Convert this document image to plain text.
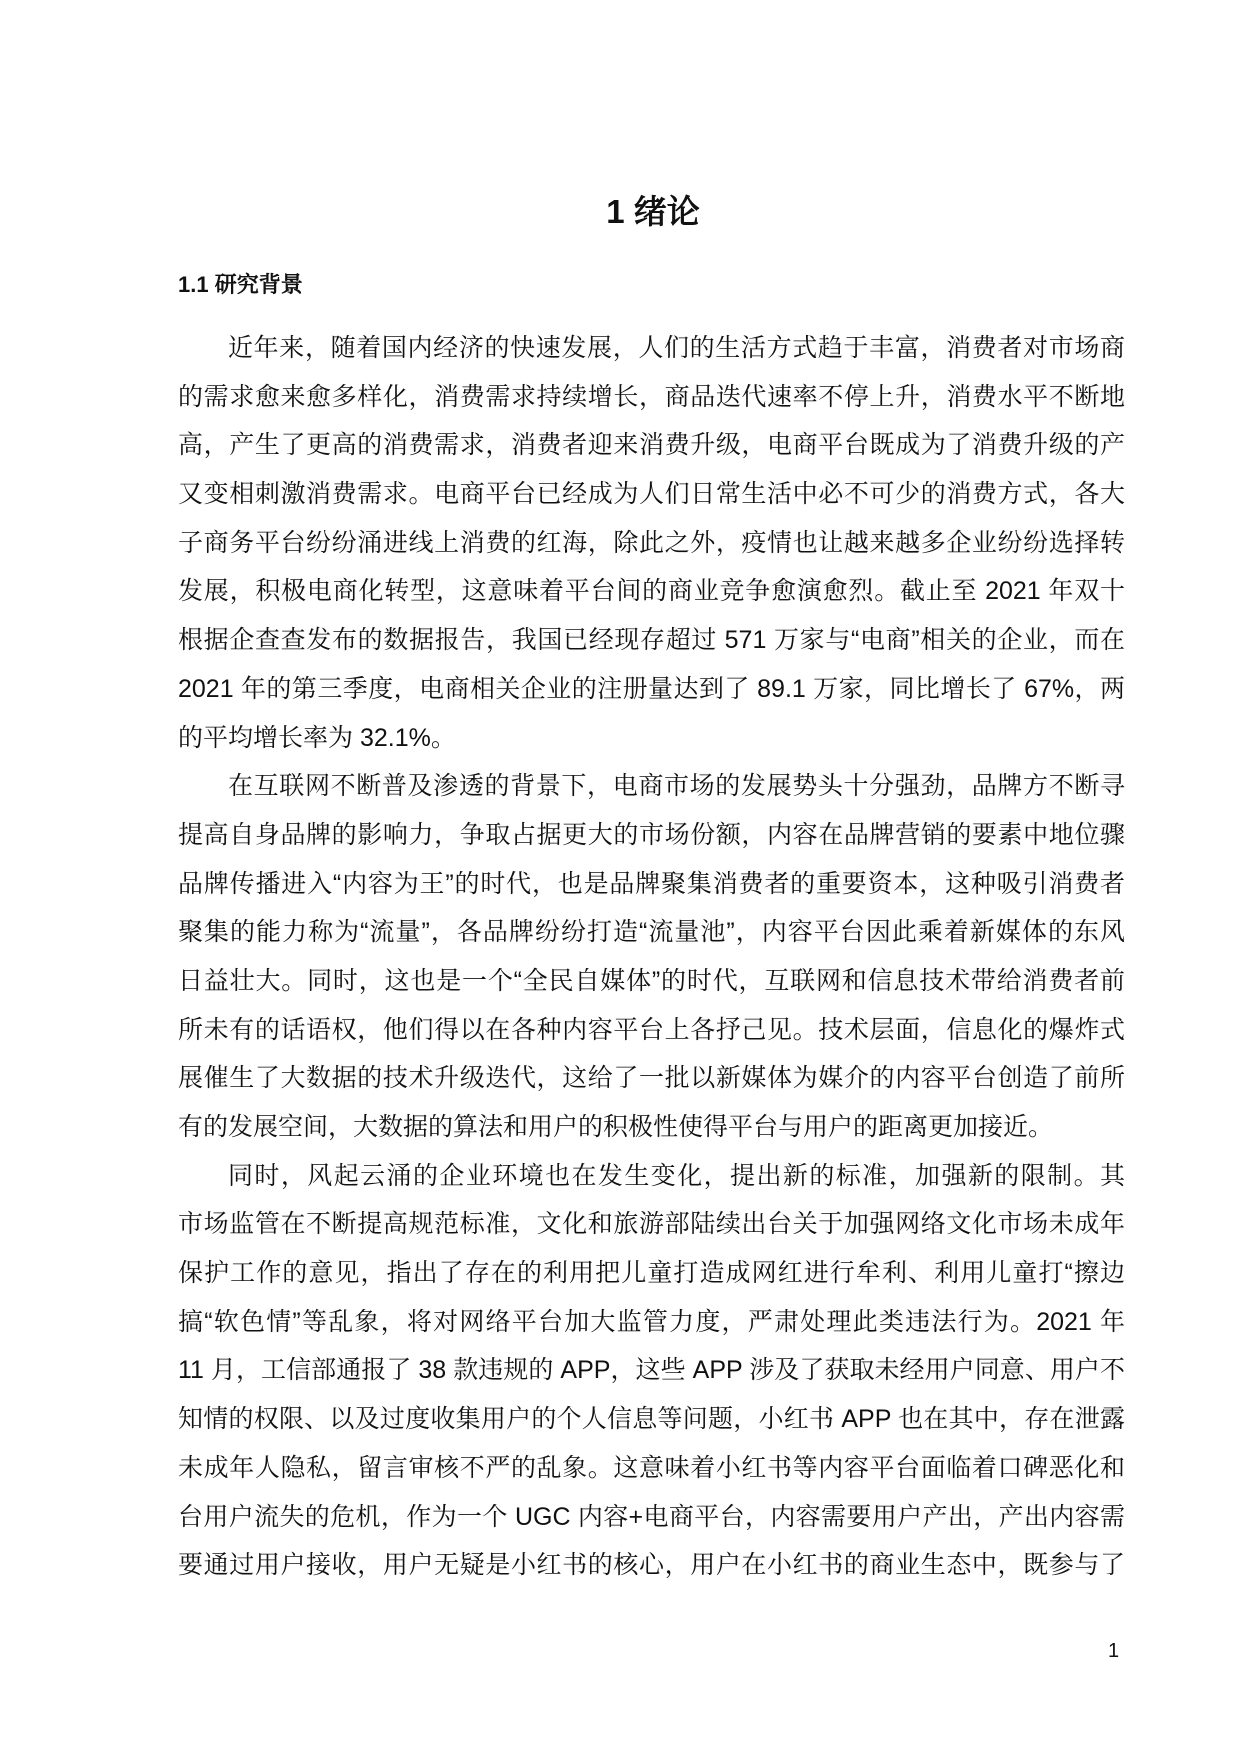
1 绪论
1.1 研究背景
近年来，随着国内经济的快速发展，人们的生活方式趋于丰富，消费者对市场商
的需求愈来愈多样化，消费需求持续增长，商品迭代速率不停上升，消费水平不断地
高，产生了更高的消费需求，消费者迎来消费升级，电商平台既成为了消费升级的产
又变相刺激消费需求。电商平台已经成为人们日常生活中必不可少的消费方式，各大
子商务平台纷纷涌进线上消费的红海，除此之外，疫情也让越来越多企业纷纷选择转
发展，积极电商化转型，这意味着平台间的商业竞争愈演愈烈。截止至 2021 年双十
根据企查查发布的数据报告，我国已经现存超过 571 万家与“电商”相关的企业，而在
2021 年的第三季度，电商相关企业的注册量达到了 89.1 万家，同比增长了 67%，两
的平均增长率为 32.1%。
在互联网不断普及渗透的背景下，电商市场的发展势头十分强劲，品牌方不断寻
提高自身品牌的影响力，争取占据更大的市场份额，内容在品牌营销的要素中地位骤
品牌传播进入“内容为王”的时代，也是品牌聚集消费者的重要资本，这种吸引消费者
聚集的能力称为“流量”，各品牌纷纷打造“流量池”，内容平台因此乘着新媒体的东风
日益壮大。同时，这也是一个“全民自媒体”的时代，互联网和信息技术带给消费者前
所未有的话语权，他们得以在各种内容平台上各抒己见。技术层面，信息化的爆炸式
展催生了大数据的技术升级迭代，这给了一批以新媒体为媒介的内容平台创造了前所
有的发展空间，大数据的算法和用户的积极性使得平台与用户的距离更加接近。
同时，风起云涌的企业环境也在发生变化，提出新的标准，加强新的限制。其
市场监管在不断提高规范标准，文化和旅游部陆续出台关于加强网络文化市场未成年
保护工作的意见，指出了存在的利用把儿童打造成网红进行牟利、利用儿童打“擦边
搞“软色情”等乱象，将对网络平台加大监管力度，严肃处理此类违法行为。2021 年
11 月，工信部通报了 38 款违规的 APP，这些 APP 涉及了获取未经用户同意、用户不
知情的权限、以及过度收集用户的个人信息等问题，小红书 APP 也在其中，存在泄露
未成年人隐私，留言审核不严的乱象。这意味着小红书等内容平台面临着口碑恶化和
台用户流失的危机，作为一个 UGC 内容+电商平台，内容需要用户产出，产出内容需
要通过用户接收，用户无疑是小红书的核心，用户在小红书的商业生态中，既参与了
1
